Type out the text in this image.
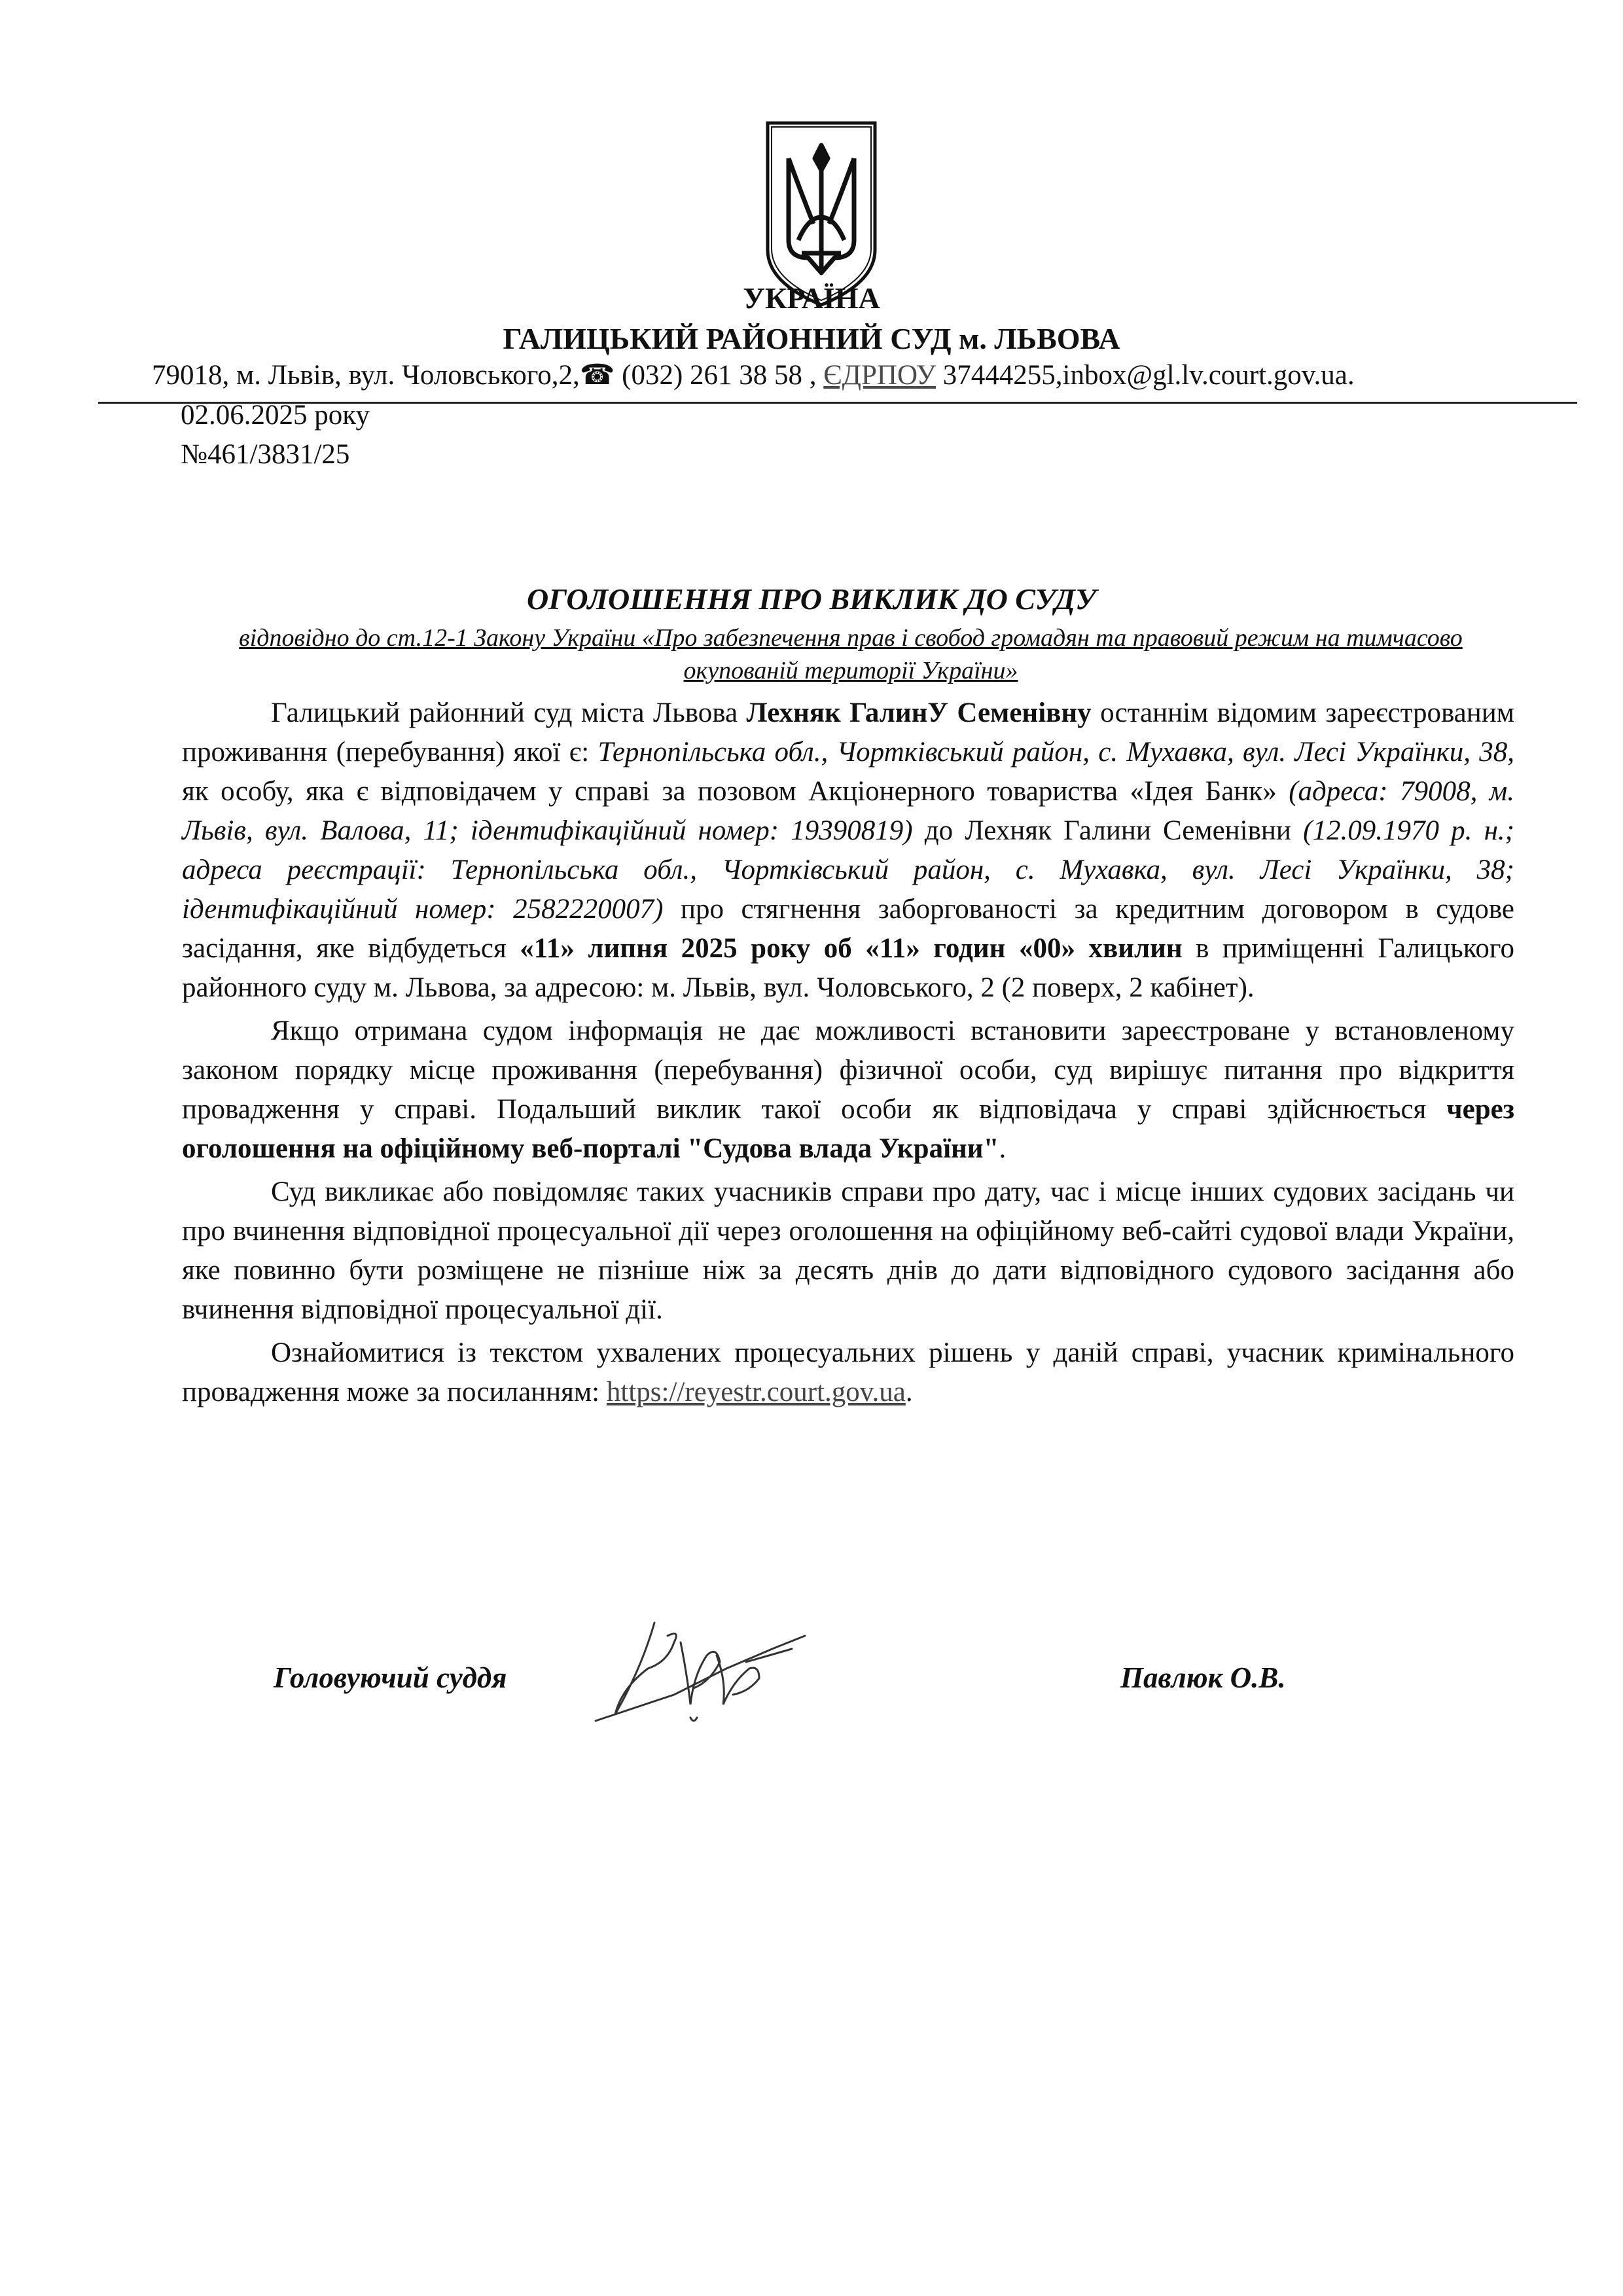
УКРАЇНА
ГАЛИЦЬКИЙ РАЙОННИЙ СУД м. ЛЬВОВА
79018, м. Львів, вул. Чоловського,2,☎ (032) 261 38 58 , ЄДРПОУ 37444255,inbox@gl.lv.court.gov.ua.
02.06.2025 року
№461/3831/25
ОГОЛОШЕННЯ ПРО ВИКЛИК ДО СУДУ
відповідно до ст.12-1 Закону України «Про забезпечення прав і свобод громадян та правовий режим на тимчасово окупованій території України»

Галицький районний суд міста Львова Лехняк ГалинУ Семенівну останнім відомим зареєстрованим проживання (перебування) якої є: Тернопільська обл., Чортківський район, с. Мухавка, вул. Лесі Українки, 38, як особу, яка є відповідачем у справі за позовом Акціонерного товариства «Ідея Банк» (адреса: 79008, м. Львів, вул. Валова, 11; ідентифікаційний номер: 19390819) до Лехняк Галини Семенівни (12.09.1970 р. н.; адреса реєстрації: Тернопільська обл., Чортківський район, с. Мухавка, вул. Лесі Українки, 38; ідентифікаційний номер: 2582220007) про стягнення заборгованості за кредитним договором в судове засідання, яке відбудеться «11» липня 2025 року об «11» годин «00» хвилин в приміщенні Галицького районного суду м. Львова, за адресою: м. Львів, вул. Чоловського, 2 (2 поверх, 2 кабінет).

Якщо отримана судом інформація не дає можливості встановити зареєстроване у встановленому законом порядку місце проживання (перебування) фізичної особи, суд вирішує питання про відкриття провадження у справі. Подальший виклик такої особи як відповідача у справі здійснюється через оголошення на офіційному веб-порталі "Судова влада України".

Суд викликає або повідомляє таких учасників справи про дату, час і місце інших судових засідань чи про вчинення відповідної процесуальної дії через оголошення на офіційному веб-сайті судової влади України, яке повинно бути розміщене не пізніше ніж за десять днів до дати відповідного судового засідання або вчинення відповідної процесуальної дії.

Ознайомитися із текстом ухвалених процесуальних рішень у даній справі, учасник кримінального провадження може за посиланням: https://reyestr.court.gov.ua.

Головуючий суддя	Павлюк О.В.
